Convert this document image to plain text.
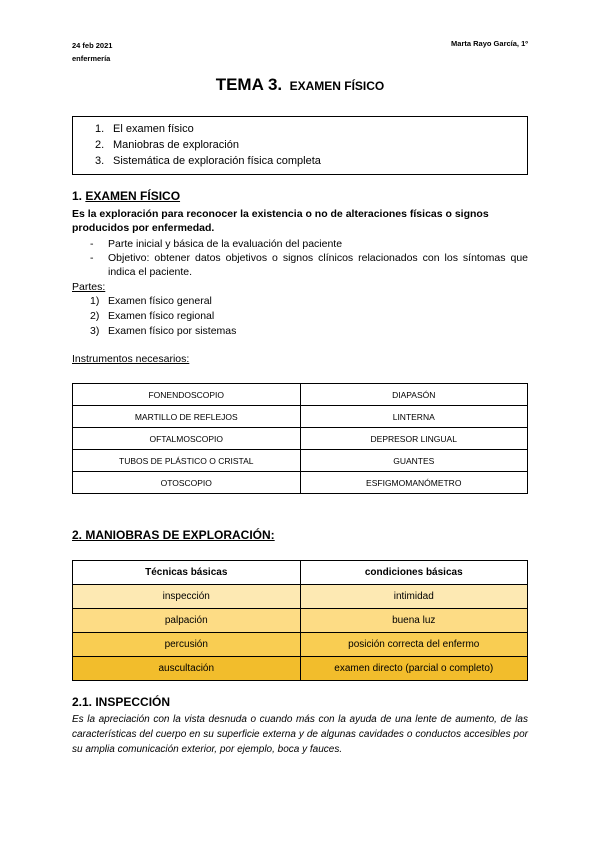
24 feb 2021
enfermería
Marta Rayo García, 1º
TEMA 3. EXAMEN FÍSICO
1. El examen físico
2. Maniobras de exploración
3. Sistemática de exploración física completa
1. EXAMEN FÍSICO
Es la exploración para reconocer la existencia o no de alteraciones físicas o signos producidos por enfermedad.
-	Parte inicial y básica de la evaluación del paciente
-	Objetivo: obtener datos objetivos o signos clínicos relacionados con los síntomas que indica el paciente.
Partes:
1) Examen físico general
2) Examen físico regional
3) Examen físico por sistemas
Instrumentos necesarios:
FONENDOSCOPIO	DIAPASÓN
MARTILLO DE REFLEJOS	LINTERNA
OFTALMOSCOPIO	DEPRESOR LINGUAL
TUBOS DE PLÁSTICO O CRISTAL	GUANTES
OTOSCOPIO	ESFIGMOMANÓMETRO
2. MANIOBRAS DE EXPLORACIÓN:
Técnicas básicas	condiciones básicas
inspección	intimidad
palpación	buena luz
percusión	posición correcta del enfermo
auscultación	examen directo (parcial o completo)
2.1. INSPECCIÓN
Es la apreciación con la vista desnuda o cuando más con la ayuda de una lente de aumento, de las características del cuerpo en su superficie externa y de algunas cavidades o conductos accesibles por su amplia comunicación exterior, por ejemplo, boca y fauces.
